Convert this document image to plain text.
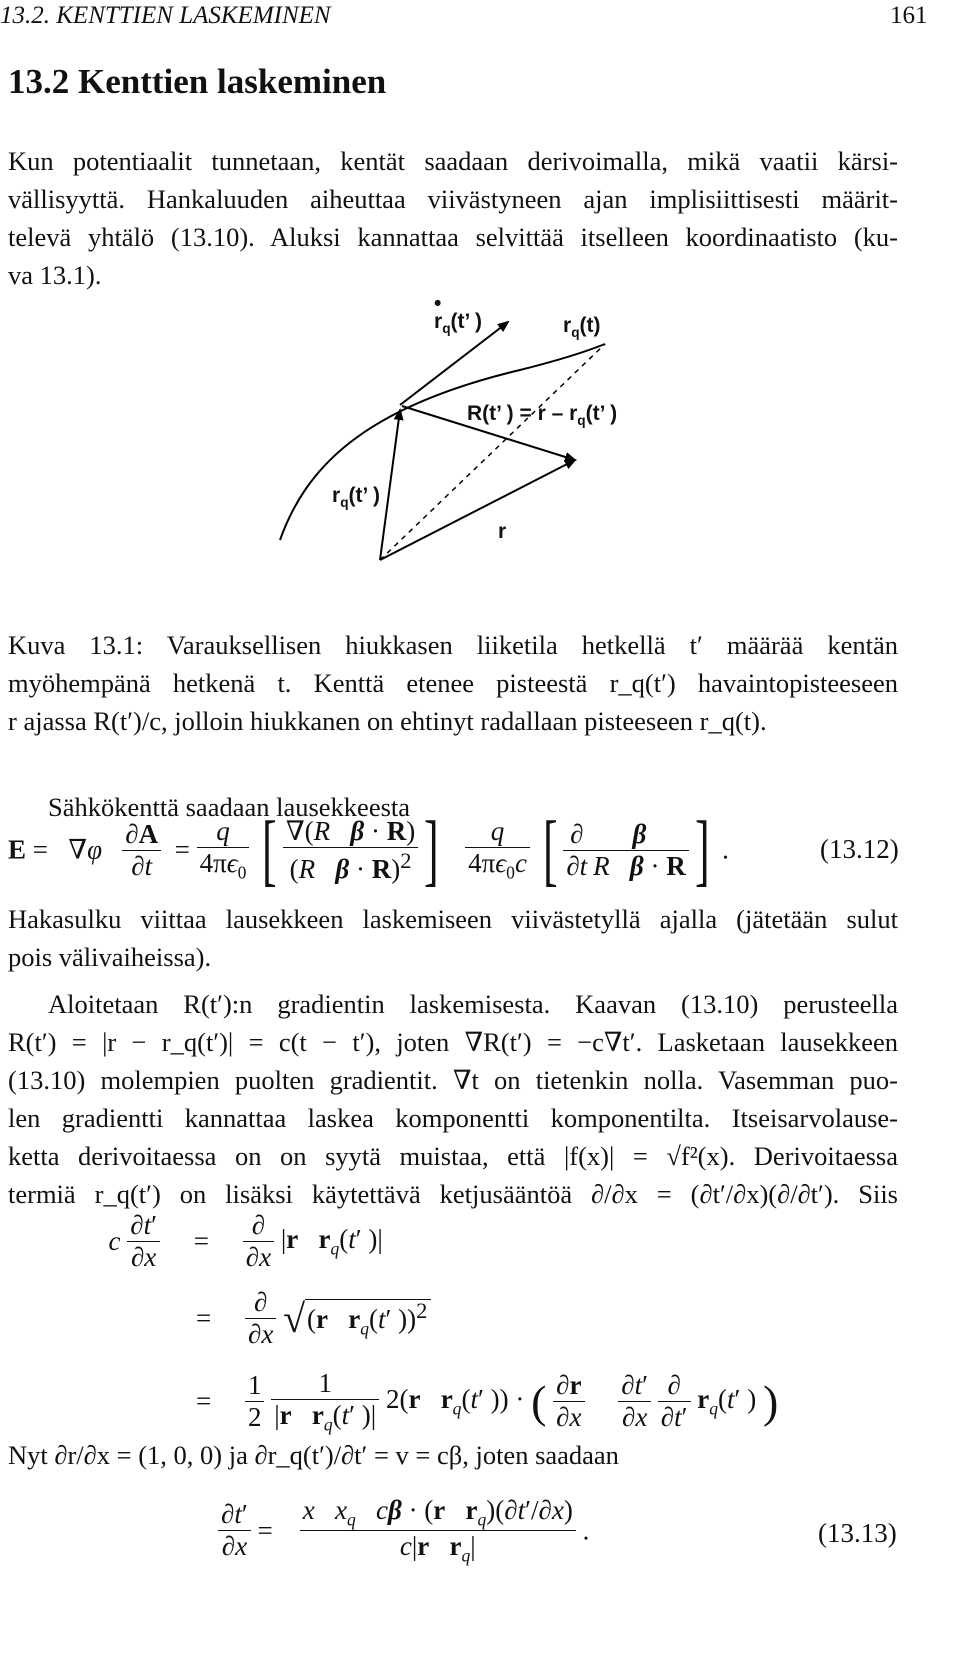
13.2. KENTTIEN LASKEMINEN	161
13.2 Kenttien laskeminen
Kun potentiaalit tunnetaan, kentät saadaan derivoimalla, mikä vaatii kärsi-
vällisyyttä. Hankaluuden aiheuttaa viivästyneen ajan implisiittisesti määrit-
televä yhtälö (13.10). Aluksi kannattaa selvittää itselleen koordinaatisto (ku-
va 13.1).
r
•
$_q$(t’ )	$r_q(t)$
R(t’ ) = r – $r_q(t$’ )
$r_q(t$’ )
r
Kuva 13.1: Varauksellisen hiukkasen liiketila hetkellä t′ määrää kentän
myöhempänä hetkenä t. Kenttä etenee pisteestä r_q(t′) havaintopisteeseen
r ajassa R(t′)/c, jolloin hiukkanen on ehtinyt radallaan pisteeseen r_q(t).
Sähkökenttä saadaan lausekkeesta
$E = \nabla\varphi \frac{\partial A}{\partial t} = \frac{q}{4\pi\epsilon_0}$ [ $\frac{\text{∇(R β · R)}}{(R \beta \cdot R)^2}$ ] $\frac{q}{4\pi\epsilon_0c}$ [ $\frac{\partial}{\partial t} \frac{\beta}{\text{R β · R}}$ ] .	(13.12)
Hakasulku viittaa lausekkeen laskemiseen viivästetyllä ajalla (jätetään sulut
pois välivaiheissa).
Aloitetaan R(t′):n gradientin laskemisesta. Kaavan (13.10) perusteella
R(t′) = |r − r_q(t′)| = c(t − t′), joten ∇R(t′) = −c∇t′. Lasketaan lausekkeen
(13.10) molempien puolten gradientit. ∇t on tietenkin nolla. Vasemman puo-
len gradientti kannattaa laskea komponentti komponentilta. Itseisarvolause-
ketta derivoitaessa on on syytä muistaa, että |f(x)| = √f²(x). Derivoitaessa
termiä r_q(t′) on lisäksi käytettävä ketjusääntöä ∂/∂x = (∂t′/∂x)(∂/∂t′). Siis
c $\frac{\partial t'}{\partial x} = \frac{\partial}{\partial x} |r$ $r_q(t'$ )|
= $\frac{\partial}{\partial x} √(r$ $r_q(t'$ ))$^2$
= $\frac{1}{2}$
$\frac{1}{|r r_q(t' )|} 2(r$ $r_q(t'$ )) · ( $\frac{\partial r}{\partial x}$
$\frac{\partial t'}{\partial x}$
$\frac{\partial}{\partial t'} r_q(t'$ ) )
Nyt ∂r/∂x = (1, 0, 0) ja ∂r_q(t′)/∂t′ = v = cβ, joten saadaan
$\frac{\partial t'}{\partial x} = \frac{x x_q c\beta \cdot (r r_q)(\partial t'/\partial x)}{c|r r_q|}$ .	(13.13)
